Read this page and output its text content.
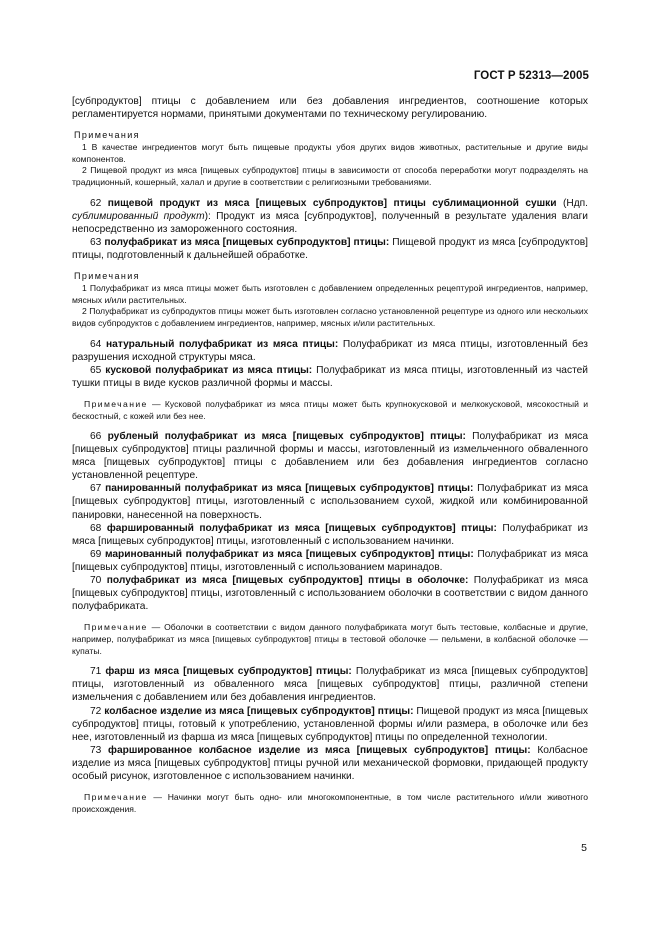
ГОСТ Р 52313—2005

[субпродуктов] птицы с добавлением или без добавления ингредиентов, соотношение которых регламентируется нормами, принятыми документами по техническому регулированию.

Примечания

1 В качестве ингредиентов могут быть пищевые продукты убоя других видов животных, растительные и другие виды компонентов.

2 Пищевой продукт из мяса [пищевых субпродуктов] птицы в зависимости от способа переработки могут подразделять на традиционный, кошерный, халал и другие в соответствии с религиозными требованиями.

62 пищевой продукт из мяса [пищевых субпродуктов] птицы сублимационной сушки (Ндп. сублимированный продукт): Продукт из мяса [субпродуктов], полученный в результате удаления влаги непосредственно из замороженного состояния.

63 полуфабрикат из мяса [пищевых субпродуктов] птицы: Пищевой продукт из мяса [субпродуктов] птицы, подготовленный к дальнейшей обработке.

Примечания

1 Полуфабрикат из мяса птицы может быть изготовлен с добавлением определенных рецептурой ингредиентов, например, мясных и/или растительных.

2 Полуфабрикат из субпродуктов птицы может быть изготовлен согласно установленной рецептуре из одного или нескольких видов субпродуктов с добавлением ингредиентов, например, мясных и/или растительных.

64 натуральный полуфабрикат из мяса птицы: Полуфабрикат из мяса птицы, изготовленный без разрушения исходной структуры мяса.

65 кусковой полуфабрикат из мяса птицы: Полуфабрикат из мяса птицы, изготовленный из частей тушки птицы в виде кусков различной формы и массы.

Примечание — Кусковой полуфабрикат из мяса птицы может быть крупнокусковой и мелкокусковой, мясокостный и бескостный, с кожей или без нее.

66 рубленый полуфабрикат из мяса [пищевых субпродуктов] птицы: Полуфабрикат из мяса [пищевых субпродуктов] птицы различной формы и массы, изготовленный из измельченного обваленного мяса [пищевых субпродуктов] птицы с добавлением или без добавления ингредиентов согласно установленной рецептуре.

67 панированный полуфабрикат из мяса [пищевых субпродуктов] птицы: Полуфабрикат из мяса [пищевых субпродуктов] птицы, изготовленный с использованием сухой, жидкой или комбинированной панировки, нанесенной на поверхность.

68 фаршированный полуфабрикат из мяса [пищевых субпродуктов] птицы: Полуфабрикат из мяса [пищевых субпродуктов] птицы, изготовленный с использованием начинки.

69 маринованный полуфабрикат из мяса [пищевых субпродуктов] птицы: Полуфабрикат из мяса [пищевых субпродуктов] птицы, изготовленный с использованием маринадов.

70 полуфабрикат из мяса [пищевых субпродуктов] птицы в оболочке: Полуфабрикат из мяса [пищевых субпродуктов] птицы, изготовленный с использованием оболочки в соответствии с видом данного полуфабриката.

Примечание — Оболочки в соответствии с видом данного полуфабриката могут быть тестовые, колбасные и другие, например, полуфабрикат из мяса [пищевых субпродуктов] птицы в тестовой оболочке — пельмени, в колбасной оболочке — купаты.

71 фарш из мяса [пищевых субпродуктов] птицы: Полуфабрикат из мяса [пищевых субпродуктов] птицы, изготовленный из обваленного мяса [пищевых субпродуктов] птицы, различной степени измельчения с добавлением или без добавления ингредиентов.

72 колбасное изделие из мяса [пищевых субпродуктов] птицы: Пищевой продукт из мяса [пищевых субпродуктов] птицы, готовый к употреблению, установленной формы и/или размера, в оболочке или без нее, изготовленный из фарша из мяса [пищевых субпродуктов] птицы по определенной технологии.

73 фаршированное колбасное изделие из мяса [пищевых субпродуктов] птицы: Колбасное изделие из мяса [пищевых субпродуктов] птицы ручной или механической формовки, придающей продукту особый рисунок, изготовленное с использованием начинки.

Примечание — Начинки могут быть одно- или многокомпонентные, в том числе растительного и/или животного происхождения.

5
